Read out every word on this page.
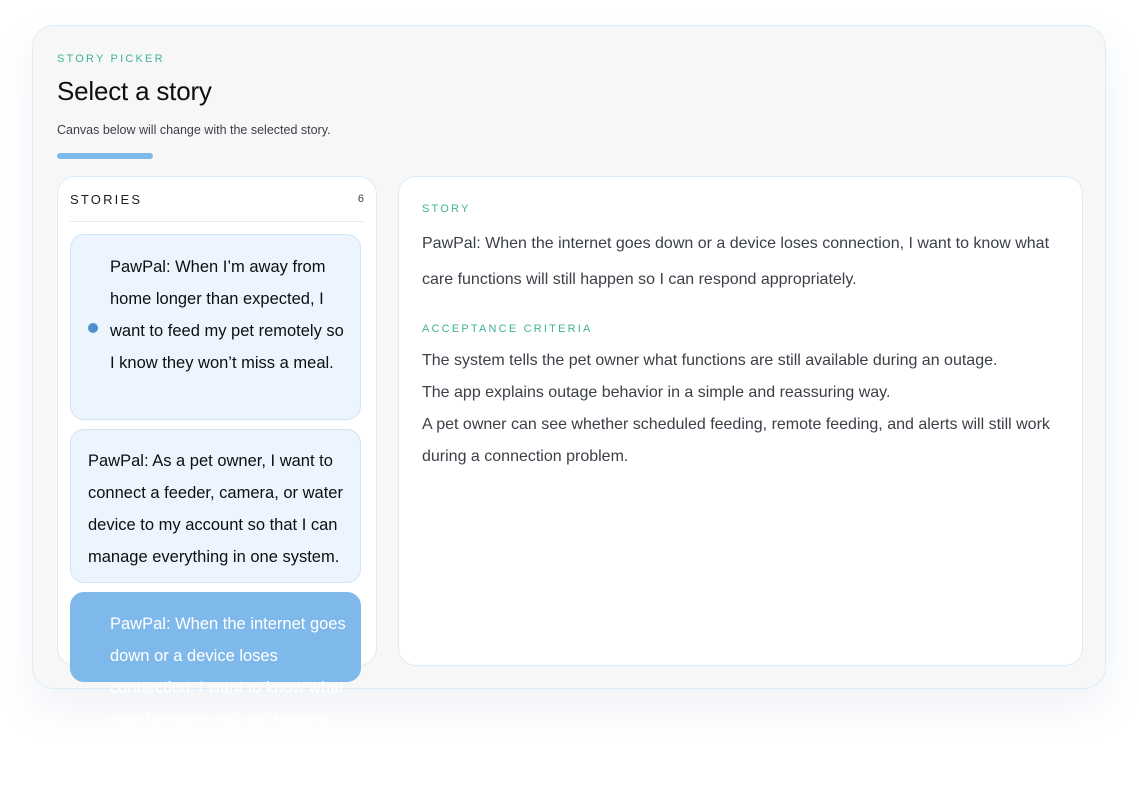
STORY PICKER
Select a story
Canvas below will change with the selected story.
STORIES	6
PawPal: When I’m away from home longer than expected, I want to feed my pet remotely so I know they won’t miss a meal.
PawPal: As a pet owner, I want to connect a feeder, camera, or water device to my account so that I can manage everything in one system.
PawPal: When the internet goes down or a device loses connection, I want to know what care functions will still happen so I can respond appropriately.
STORY
PawPal: When the internet goes down or a device loses connection, I want to know what care functions will still happen so I can respond appropriately.
ACCEPTANCE CRITERIA
The system tells the pet owner what functions are still available during an outage.
The app explains outage behavior in a simple and reassuring way.
A pet owner can see whether scheduled feeding, remote feeding, and alerts will still work during a connection problem.
